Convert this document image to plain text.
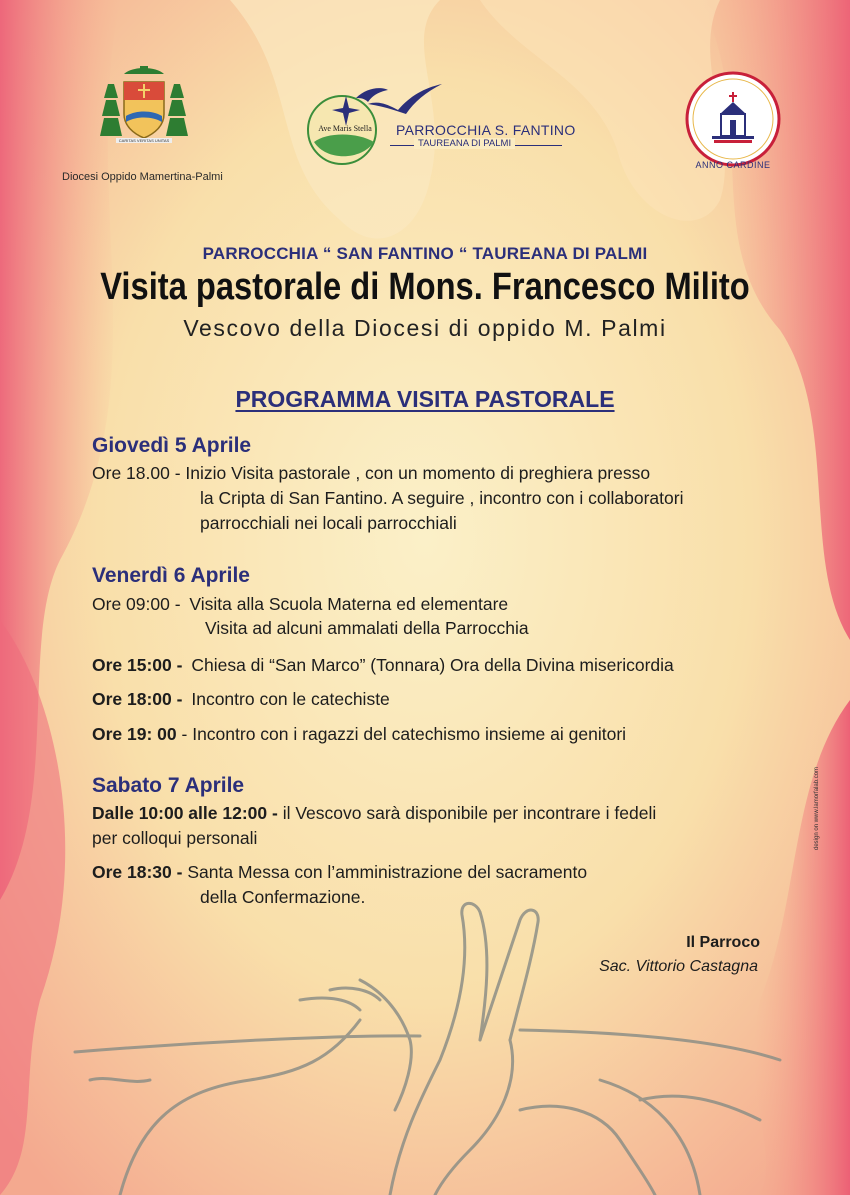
CARITAS VERITAS UNITAS
Diocesi Oppido Mamertina-Palmi
Ave Maris Stella	PARROCCHIA S. FANTINO
TAUREANA DI PALMI
ANNO CARDINE
PARROCCHIA “ SAN FANTINO “ TAUREANA DI PALMI
Visita pastorale di Mons. Francesco Milito
Vescovo della Diocesi di oppido M. Palmi
PROGRAMMA VISITA PASTORALE
Giovedì 5 Aprile
Ore 18.00 - Inizio Visita pastorale , con un momento di preghiera presso
la Cripta di San Fantino. A seguire , incontro con i collaboratori
parrocchiali nei locali parrocchiali
Venerdì 6 Aprile
Ore 09:00 - Visita alla Scuola Materna ed elementare
Visita ad alcuni ammalati della Parrocchia
Ore 15:00 - Chiesa di “San Marco” (Tonnara) Ora della Divina misericordia
Ore 18:00 - Incontro con le catechiste
Ore 19: 00 - Incontro con i ragazzi del catechismo insieme ai genitori
Sabato 7 Aprile
Dalle 10:00 alle 12:00 - il Vescovo sarà disponibile per incontrare i fedeli
per colloqui personali
Ore 18:30 - Santa Messa con l’amministrazione del sacramento
della Confermazione.
Il Parroco
Sac. Vittorio Castagna
design on www.lamorfalab.com
